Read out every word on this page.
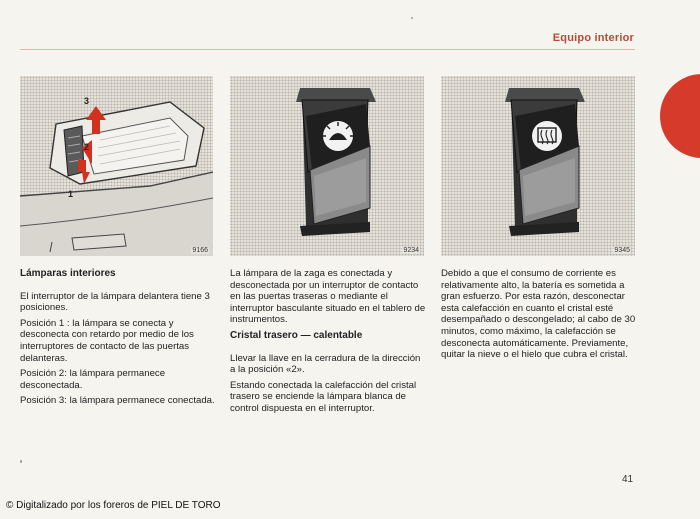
Equipo interior
3
2
1
9166	9234	9345
Lámparas interiores

El interruptor de la lámpara delantera tiene 3 posiciones.

Posición 1 : la lámpara se conecta y desconecta con retardo por medio de los interruptores de contacto de las puertas delanteras.

Posición 2: la lámpara permanece desconectada.

Posición 3: la lámpara permanece conectada.

La lámpara de la zaga es conectada y desconectada por un interruptor de contacto en las puertas traseras o mediante el interruptor basculante situado en el tablero de instrumentos.

Cristal trasero — calentable

Llevar la llave en la cerradura de la dirección a la posición «2».

Estando conectada la calefacción del cristal trasero se enciende la lámpara blanca de control dispuesta en el interruptor.

Debido a que el consumo de corriente es relativamente alto, la batería es sometida a gran esfuerzo. Por esta razón, desconectar esta calefacción en cuanto el cristal esté desempañado o descongelado; al cabo de 30 minutos, como máximo, la calefacción se desconecta automáticamente. Previamente, quitar la nieve o el hielo que cubra el cristal.

41
© Digitalizado por los foreros de PIEL DE TORO
